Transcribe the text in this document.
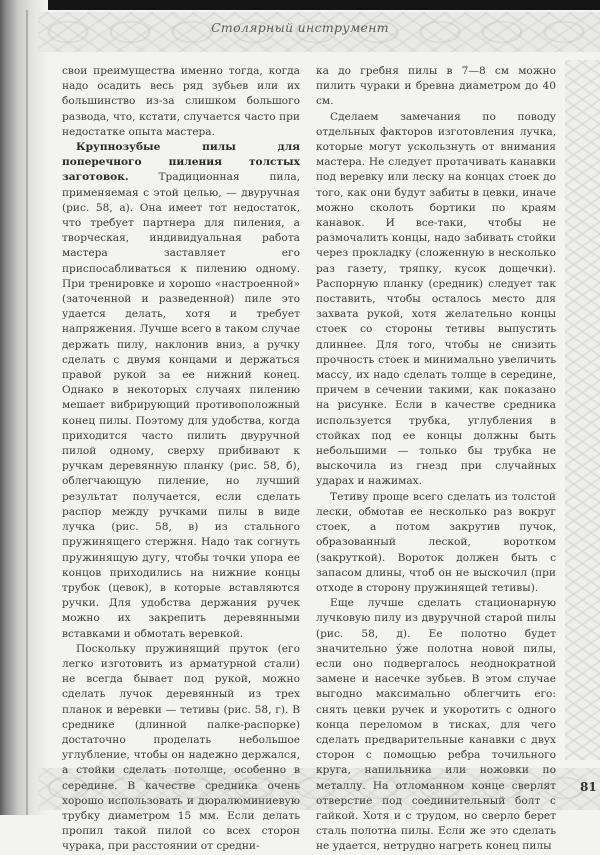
Столярный инструмент

свои преимущества именно тогда, когда надо осадить весь ряд зубьев или их большинство из-за слишком большого развода, что, кстати, случается часто при недостатке опыта мастера.

Крупнозубые пилы для поперечного пиления толстых заготовок. Традиционная пила, применяемая с этой целью, — двуручная (рис. 58, а). Она имеет тот недостаток, что требует партнера для пиления, а творческая, индивидуальная работа мастера заставляет его приспосабливаться к пилению одному. При тренировке и хорошо «настроенной» (заточенной и разведенной) пиле это удается делать, хотя и требует напряжения. Лучше всего в таком случае держать пилу, наклонив вниз, а ручку сделать с двумя концами и держаться правой рукой за ее нижний конец. Однако в некоторых случаях пилению мешает вибрирующий противоположный конец пилы. Поэтому для удобства, когда приходится часто пилить двуручной пилой одному, сверху прибивают к ручкам деревянную планку (рис. 58, б), облегчающую пиление, но лучший результат получается, если сделать распор между ручками пилы в виде лучка (рис. 58, в) из стального пружинящего стержня. Надо так согнуть пружинящую дугу, чтобы точки упора ее концов приходились на нижние концы трубок (цевок), в которые вставляются ручки. Для удобства держания ручек можно их закрепить деревянными вставками и обмотать веревкой.

Поскольку пружинящий пруток (его легко изготовить из арматурной стали) не всегда бывает под рукой, можно сделать лучок деревянный из трех планок и веревки — тетивы (рис. 58, г). В среднике (длинной палке-распорке) достаточно проделать небольшое углубление, чтобы он надежно держался, а стойки сделать потолще, особенно в середине. В качестве средника очень хорошо использовать и дюралюминиевую трубку диаметром 15 мм. Если делать пропил такой пилой со всех сторон чурака, при расстоянии от средни-

ка до гребня пилы в 7—8 см можно пилить чураки и бревна диаметром до 40 см.

Сделаем замечания по поводу отдельных факторов изготовления лучка, которые могут ускользнуть от внимания мастера. Не следует протачивать канавки под веревку или леску на концах стоек до того, как они будут забиты в цевки, иначе можно сколоть бортики по краям канавок. И все-таки, чтобы не размочалить концы, надо забивать стойки через прокладку (сложенную в несколько раз газету, тряпку, кусок дощечки). Распорную планку (средник) следует так поставить, чтобы осталось место для захвата рукой, хотя желательно концы стоек со стороны тетивы выпустить длиннее. Для того, чтобы не снизить прочность стоек и минимально увеличить массу, их надо сделать толще в середине, причем в сечении такими, как показано на рисунке. Если в качестве средника используется трубка, углубления в стойках под ее концы должны быть небольшими — только бы трубка не выскочила из гнезд при случайных ударах и нажимах.

Тетиву проще всего сделать из толстой лески, обмотав ее несколько раз вокруг стоек, а потом закрутив пучок, образованный леской, воротком (закруткой). Вороток должен быть с запасом длины, чтоб он не выскочил (при отходе в сторону пружинящей тетивы).

Еще лучше сделать стационарную лучковую пилу из двуручной старой пилы (рис. 58, д). Ее полотно будет значительно у́же полотна новой пилы, если оно подвергалось неоднократной замене и насечке зубьев. В этом случае выгодно максимально облегчить его: снять цевки ручек и укоротить с одного конца переломом в тисках, для чего сделать предварительные канавки с двух сторон с помощью ребра точильного круга, напильника или ножовки по металлу. На отломанном конце сверлят отверстие под соединительный болт с гайкой. Хотя и с трудом, но сверло берет сталь полотна пилы. Если же это сделать не удается, нетрудно нагреть конец пилы

81
